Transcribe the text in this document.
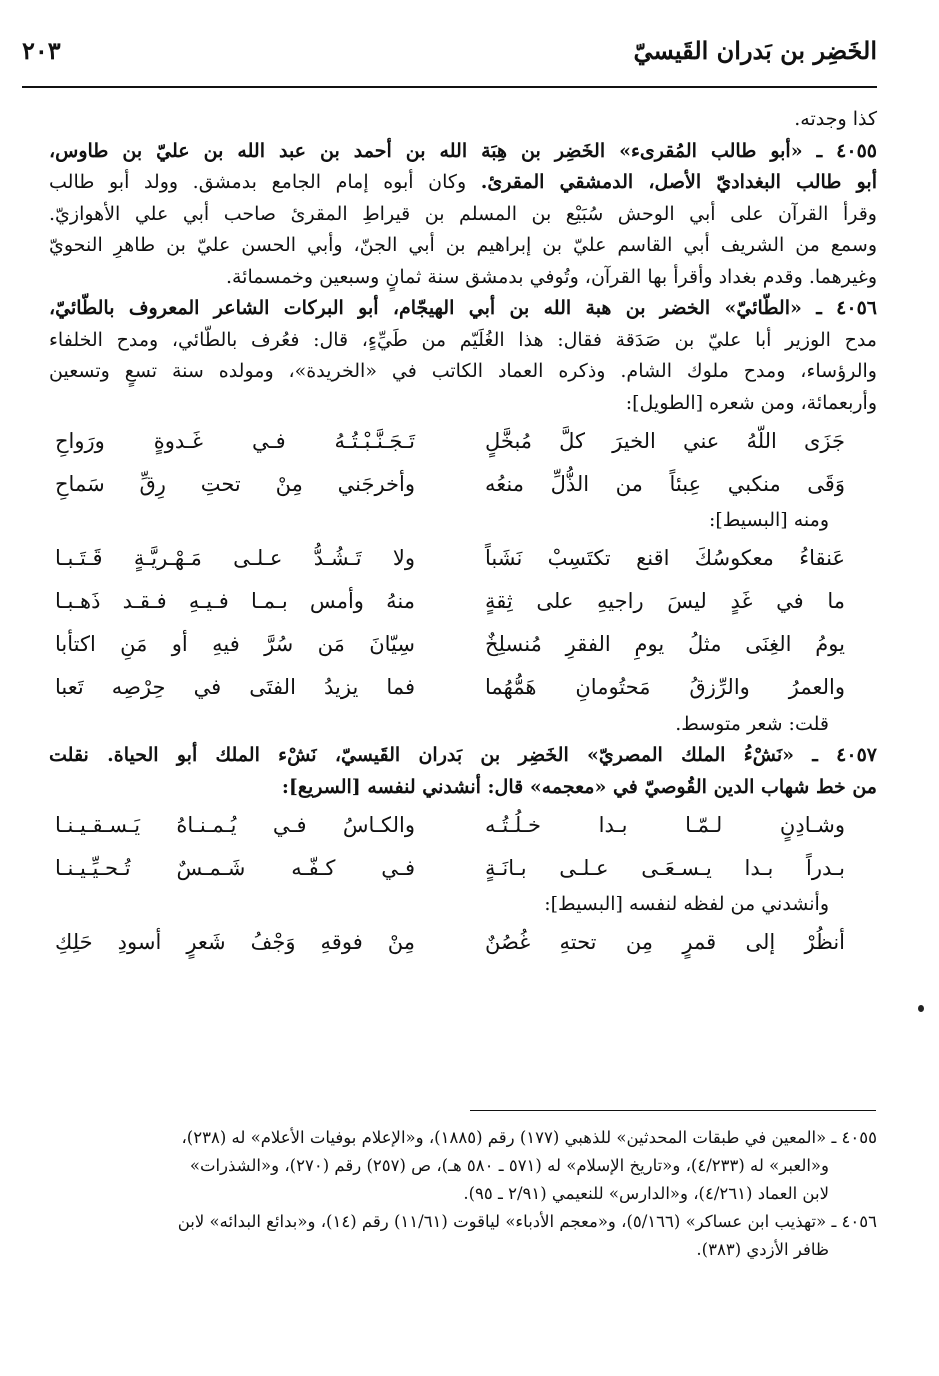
الخَضِر بن بَدران القَيسيّ
٢٠٣
كذا وجدته.
٤٠٥٥ ـ «أبو طالب المُقرىء» الخَضِر بن هِبَة الله بن أحمد بن عبد الله بن عليّ بن طاوس،
أبو طالب البغداديّ الأصل، الدمشقي المقرئ. وكان أبوه إمام الجامع بدمشق. وولد أبو طالب
وقرأ القرآن على أبي الوحش سُبَيْع بن المسلم بن قيراطِ المقرئ صاحب أبي علي الأهوازيّ.
وسمع من الشريف أبي القاسم عليّ بن إبراهيم بن أبي الجنّ، وأبي الحسن عليّ بن طاهرِ النحويّ
وغيرهما. وقدم بغداد وأقرأ بها القرآن، وتُوفي بدمشق سنة ثمانٍ وسبعين وخمسمائة.
٤٠٥٦ ـ «الطّائيّ» الخضر بن هبة الله بن أبي الهيجّام، أبو البركات الشاعر المعروف بالطّائيّ،
مدح الوزير أبا عليّ بن صَدَقة فقال: هذا الغُلَيّم من طَيِّءٍ، قال: فعُرف بالطّائي، ومدح الخلفاء
والرؤساء، ومدح ملوك الشام. وذكره العماد الكاتب في «الخريدة»، ومولده سنة تسعٍ وتسعين
وأربعمائة، ومن شعره [الطويل]:
جَزَى اللّهُ عني الخيرَ كلَّ مُبخَّلٍ
تَـجَـنَّـبْـتُـهُ فـي غَـدوةٍ ورَواحِ
وَقَى منكبي عِبئاً من الذُّلِّ منعُه
وأخرجَني مِنْ تحتِ رِقِّ سَماحِ
ومنه [البسيط]:
عَنقاءُ معكوسُكَ اقنع تكتَسِبْ نَشَباً
ولا تَـشُـدُّ عـلـى مَـهْـريَّـةٍ قَـتَـبـا
ما في غَدٍ ليسَ راجيهِ على ثِقةٍ
منهُ وأمس بـمـا فـيـهِ فـقـد ذَهـبـا
يومُ الغِنَى مثلُ يومِ الفقرِ مُنسلِخٌ
سِيّانَ مَن سُرَّ فيهِ أو مَنِ اكتأبا
والعمرُ والرِّزقُ مَحتُومانِ هَمُّهُما
فما يزيدُ الفتَى في حِرْصِه تَعبا
قلت: شعر متوسط.
٤٠٥٧ ـ «نَشْءُ الملك المصريّ» الخَضِر بن بَدران القَيسيّ، نَشْء الملك أبو الحياة. نقلت
من خط شهاب الدين القُوصيّ في «معجمه» قال: أنشدني لنفسه [السريع]:
وشـادِنٍ لـمّـا بـدا خـلُـتُـه
والكـاسُ فـي يُـمـنـاهُ يَـسـقـيـنـا
بـدراً بـدا يـسـعَـى عـلـى بـانَـةٍ
فـي كـفّـه شَـمـسٌ تُـحـيِّـيـنـا
وأنشدني من لفظه لنفسه [البسيط]:
أنظُرْ إلى قمرٍ مِن تحتهِ غُصُنٌ
مِنْ فوقهِ وَجْفُ شَعرٍ أسودِ حَلِكِ
٤٠٥٥ ـ «المعين في طبقات المحدثين» للذهبي (١٧٧) رقم (١٨٨٥)، و«الإعلام بوفيات الأعلام» له (٢٣٨)،
و«العبر» له (٤/٢٣٣)، و«تاريخ الإسلام» له (٥٧١ ـ ٥٨٠ هـ)، ص (٢٥٧) رقم (٢٧٠)، و«الشذرات»
لابن العماد (٤/٢٦١)، و«الدارس» للنعيمي (٢/٩١ ـ ٩٥).
٤٠٥٦ ـ «تهذيب ابن عساكر» (٥/١٦٦)، و«معجم الأدباء» لياقوت (١١/٦١) رقم (١٤)، و«بدائع البدائه» لابن
ظافر الأزدي (٣٨٣).
